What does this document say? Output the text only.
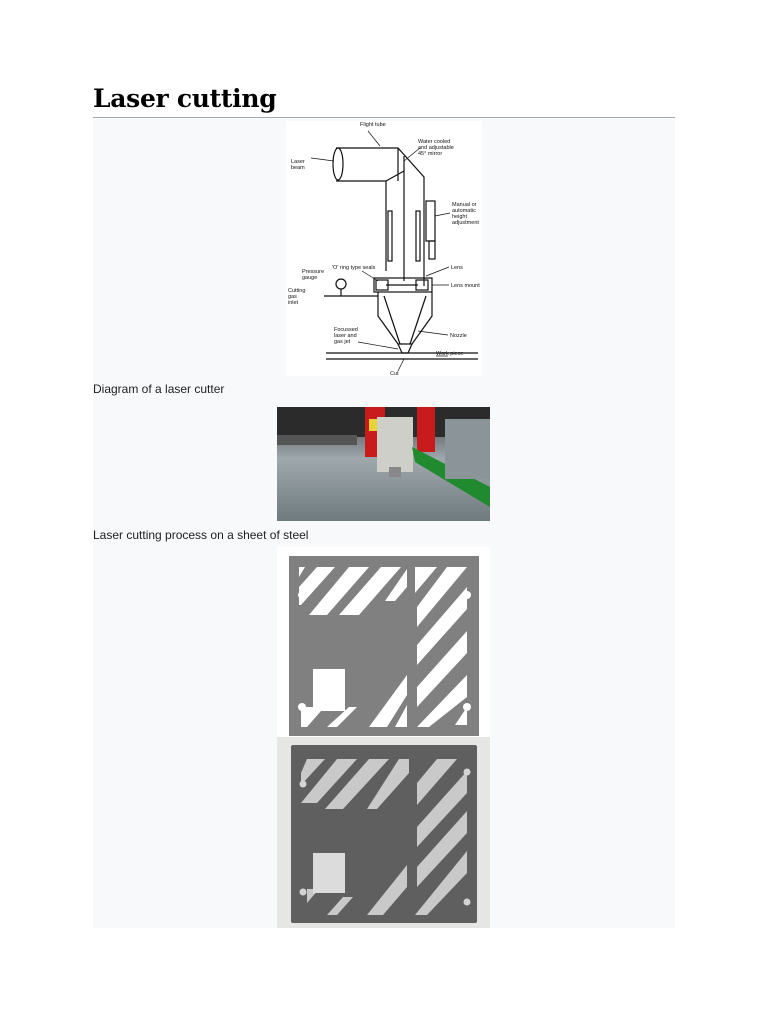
Laser cutting
Flight tube
Water cooled
and adjustable
45° mirror
Laser
beam
Manual or
automatic
height
adjustment
Pressure
gauge
'O' ring type seals	Lens
Lens mount
Cutting
gas
inlet
Focussed
laser and
gas jet
Nozzle
Work piece
Cut
Diagram of a laser cutter
Laser cutting process on a sheet of steel
